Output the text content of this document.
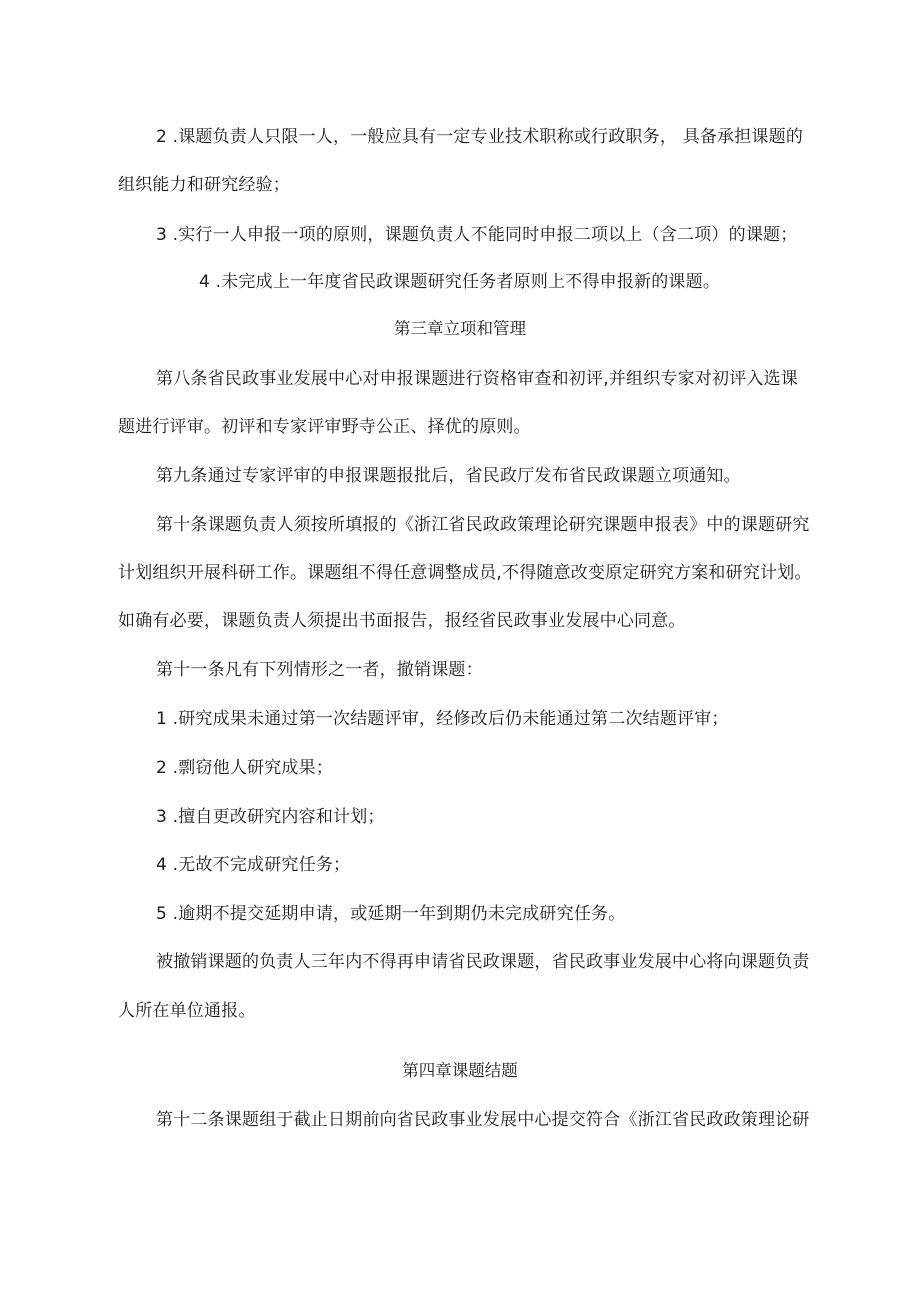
2 .课题负责人只限一人，一般应具有一定专业技术职称或行政职务， 具备承担课题的
组织能力和研究经验；
3 .实行一人申报一项的原则，课题负责人不能同时申报二项以上（含二项）的课题；
4 .未完成上一年度省民政课题研究任务者原则上不得申报新的课题。
第三章立项和管理
第八条省民政事业发展中心对申报课题进行资格审查和初评,并组织专家对初评入选课
题进行评审。初评和专家评审野寺公正、择优的原则。
第九条通过专家评审的申报课题报批后，省民政厅发布省民政课题立项通知。
第十条课题负责人须按所填报的《浙江省民政政策理论研究课题申报表》中的课题研究
计划组织开展科研工作。课题组不得任意调整成员,不得随意改变原定研究方案和研究计划。
如确有必要，课题负责人须提出书面报告，报经省民政事业发展中心同意。
第十一条凡有下列情形之一者，撤销课题：
1 .研究成果未通过第一次结题评审，经修改后仍未能通过第二次结题评审；
2 .剽窃他人研究成果；
3 .擅自更改研究内容和计划；
4 .无故不完成研究任务；
5 .逾期不提交延期申请，或延期一年到期仍未完成研究任务。
被撤销课题的负责人三年内不得再申请省民政课题，省民政事业发展中心将向课题负责
人所在单位通报。
第四章课题结题
第十二条课题组于截止日期前向省民政事业发展中心提交符合《浙江省民政政策理论研
